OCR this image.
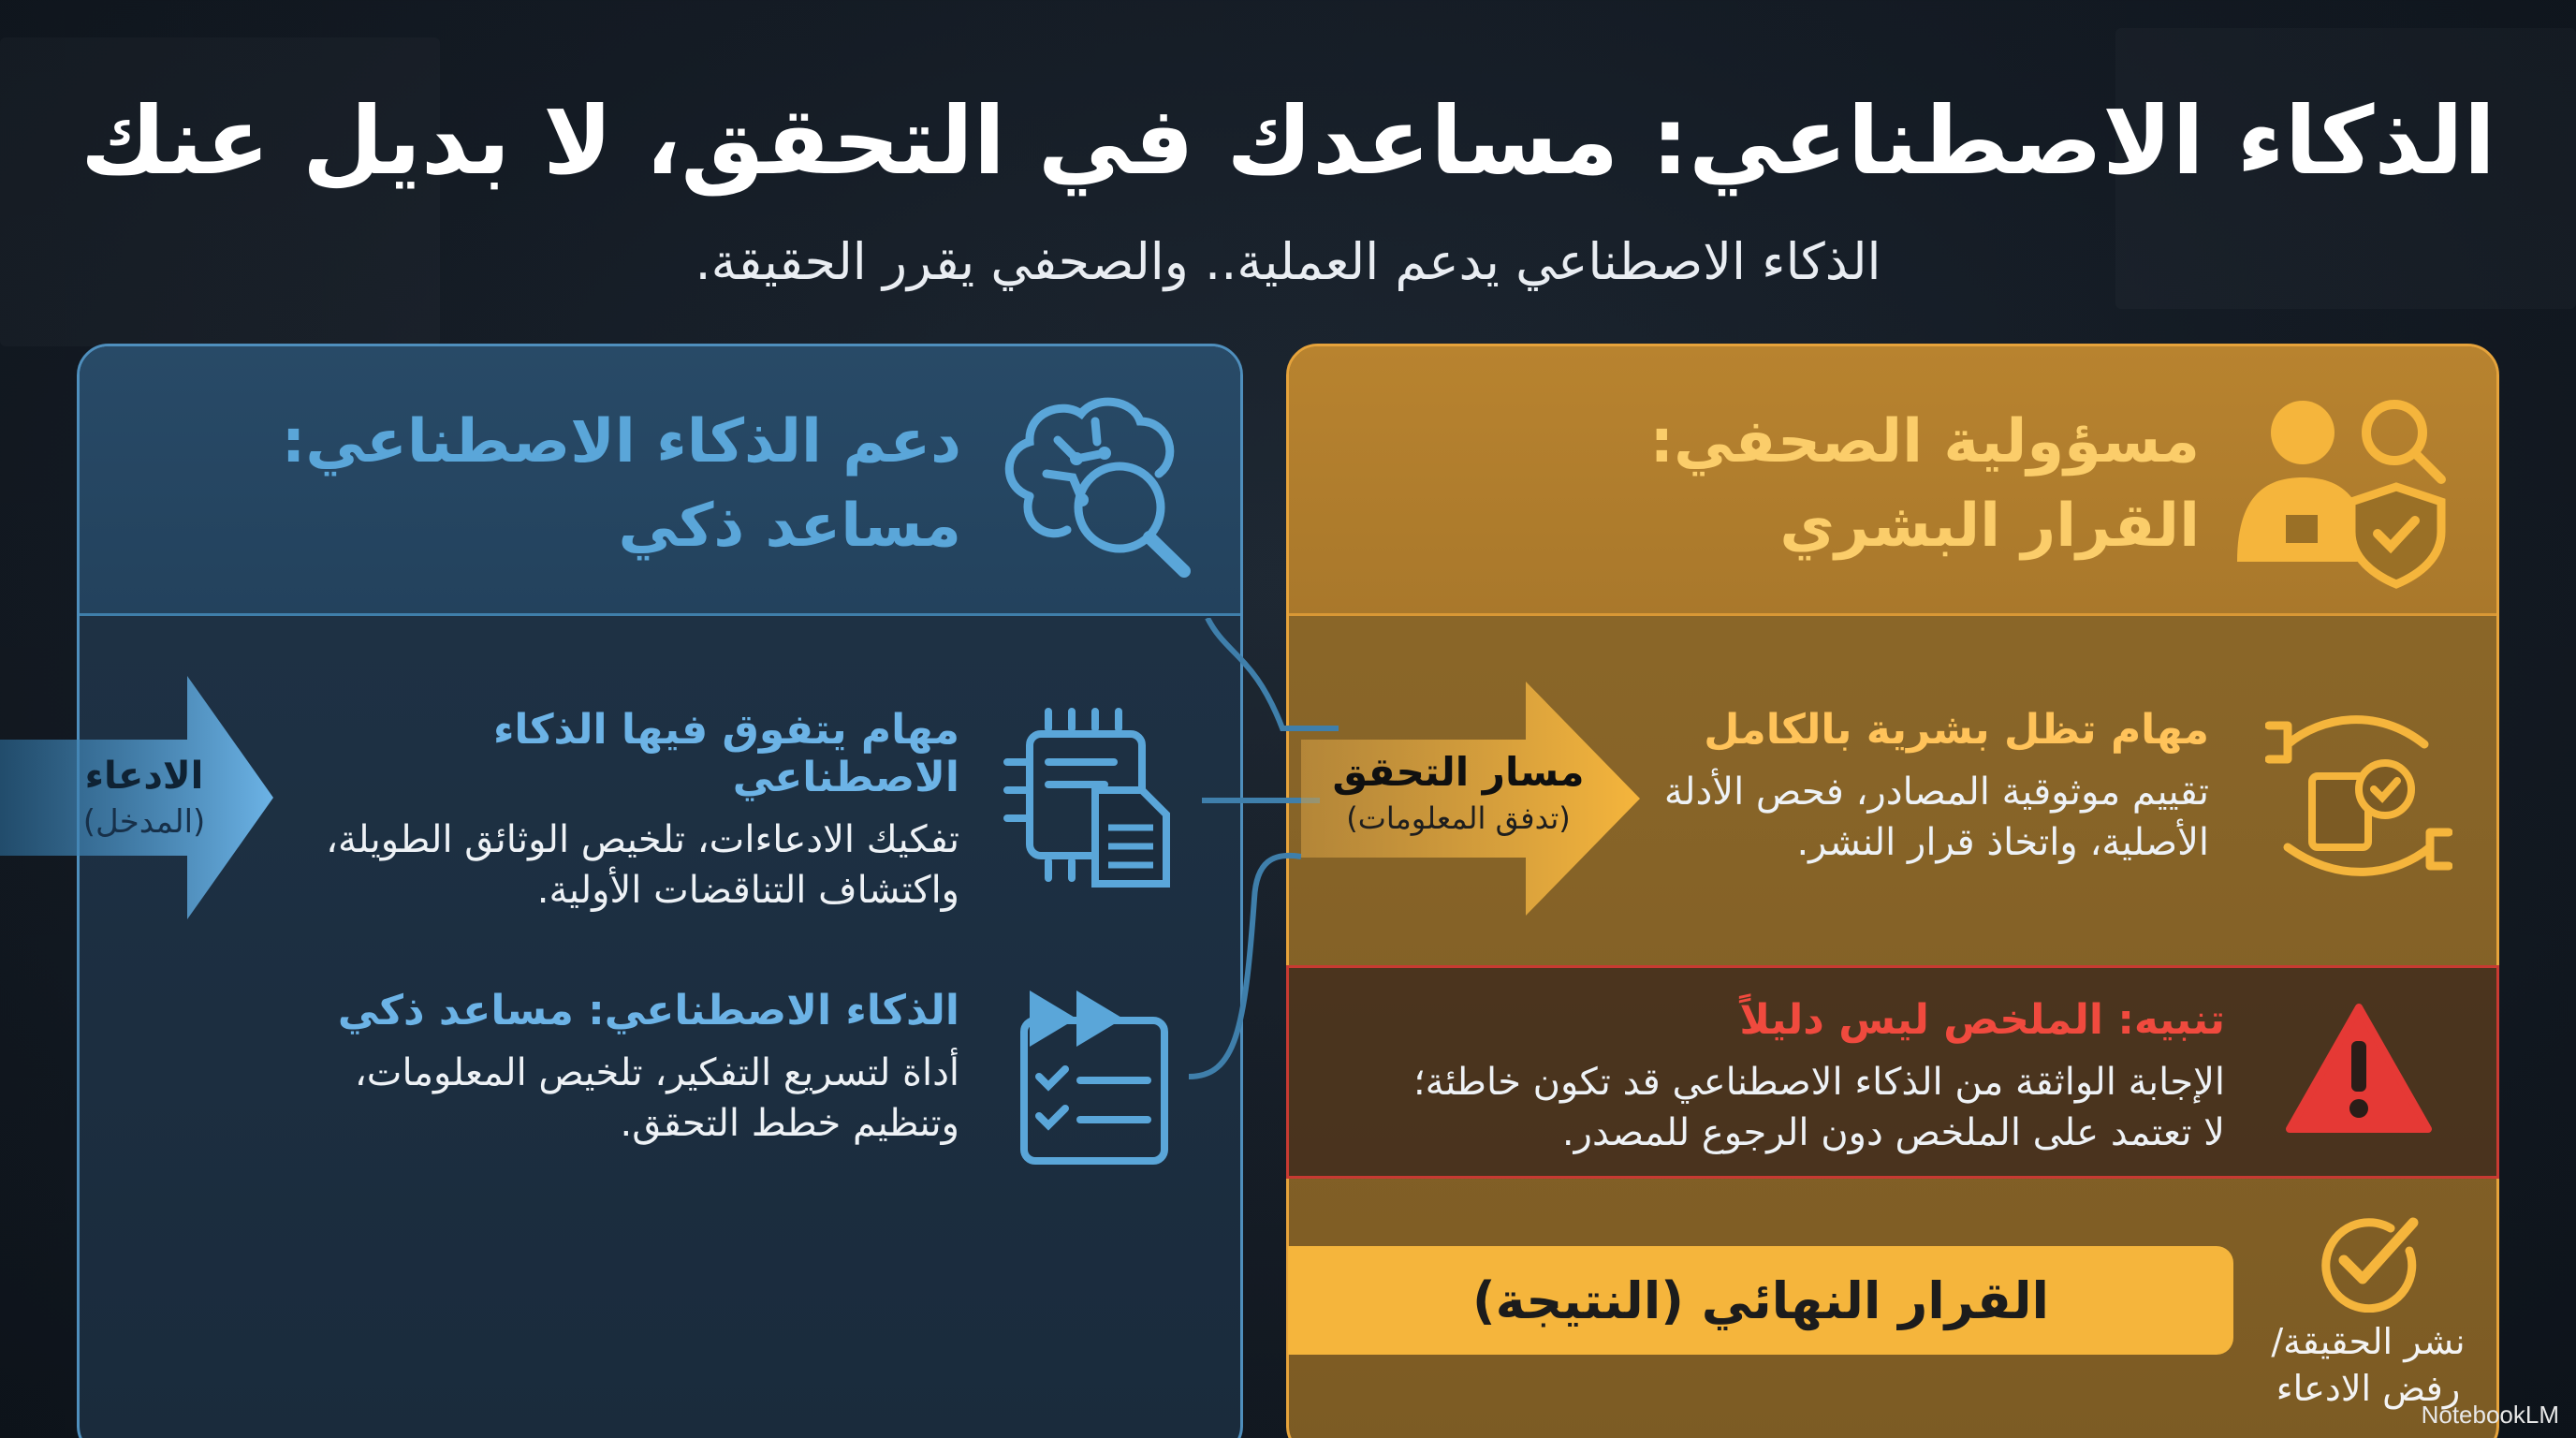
الذكاء الاصطناعي: مساعدك في التحقق، لا بديل عنك
الذكاء الاصطناعي يدعم العملية.. والصحفي يقرر الحقيقة.
دعم الذكاء الاصطناعي:
مساعد ذكي
مهام يتفوق فيها الذكاء الاصطناعي
تفكيك الادعاءات، تلخيص الوثائق الطويلة،
واكتشاف التناقضات الأولية.
الذكاء الاصطناعي: مساعد ذكي
أداة لتسريع التفكير، تلخيص المعلومات،
وتنظيم خطط التحقق.
مسؤولية الصحفي:
القرار البشري
مهام تظل بشرية بالكامل
تقييم موثوقية المصادر، فحص الأدلة
الأصلية، واتخاذ قرار النشر.
تنبيه: الملخص ليس دليلاً
الإجابة الواثقة من الذكاء الاصطناعي قد تكون خاطئة؛
لا تعتمد على الملخص دون الرجوع للمصدر.
القرار النهائي (النتيجة)
نشر الحقيقة/
رفض الادعاء
الادعاء
(المدخل)
مسار التحقق
(تدفق المعلومات)
NotebookLM
